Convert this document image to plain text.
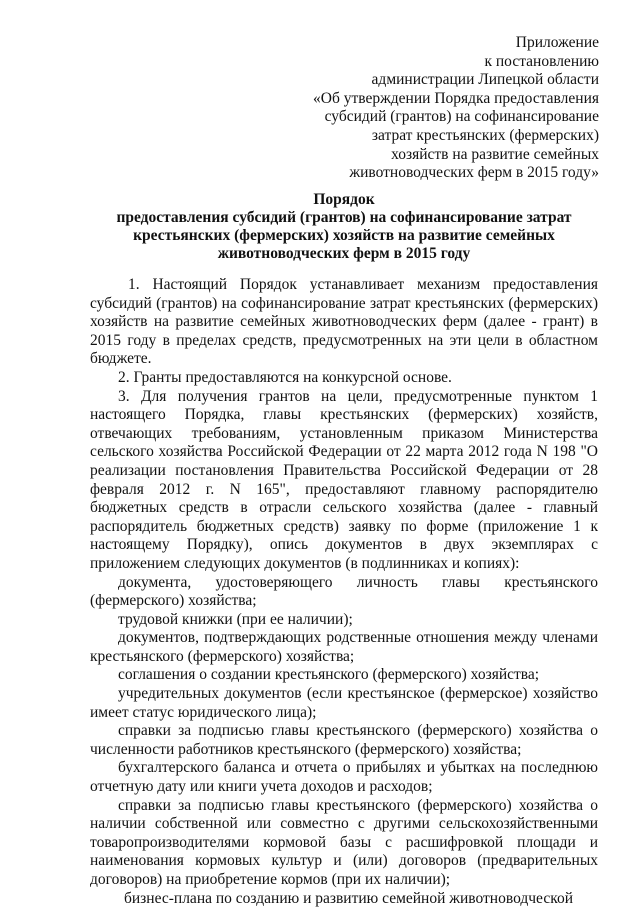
Приложение
к постановлению
администрации Липецкой области
«Об утверждении Порядка предоставления
субсидий (грантов) на софинансирование
затрат крестьянских (фермерских)
хозяйств на развитие семейных
животноводческих ферм в 2015 году»
Порядок
предоставления субсидий (грантов) на софинансирование затрат
крестьянских (фермерских) хозяйств на развитие семейных
животноводческих ферм в 2015 году

1. Настоящий Порядок устанавливает механизм предоставления субсидий (грантов) на софинансирование затрат крестьянских (фермерских) хозяйств на развитие семейных животноводческих ферм (далее - грант) в 2015 году в пределах средств, предусмотренных на эти цели в областном бюджете.

2. Гранты предоставляются на конкурсной основе.

3. Для получения грантов на цели, предусмотренные пунктом 1 настоящего Порядка, главы крестьянских (фермерских) хозяйств, отвечающих требованиям, установленным приказом Министерства сельского хозяйства Российской Федерации от 22 марта 2012 года N 198 "О реализации постановления Правительства Российской Федерации от 28 февраля 2012 г. N 165", предоставляют главному распорядителю бюджетных средств в отрасли сельского хозяйства (далее - главный распорядитель бюджетных средств) заявку по форме (приложение 1 к настоящему Порядку), опись документов в двух экземплярах с приложением следующих документов (в подлинниках и копиях):

документа, удостоверяющего личность главы крестьянского (фермерского) хозяйства;

трудовой книжки (при ее наличии);

документов, подтверждающих родственные отношения между членами крестьянского (фермерского) хозяйства;

соглашения о создании крестьянского (фермерского) хозяйства;

учредительных документов (если крестьянское (фермерское) хозяйство имеет статус юридического лица);

справки за подписью главы крестьянского (фермерского) хозяйства о численности работников крестьянского (фермерского) хозяйства;

бухгалтерского баланса и отчета о прибылях и убытках на последнюю отчетную дату или книги учета доходов и расходов;

справки за подписью главы крестьянского (фермерского) хозяйства о наличии собственной или совместно с другими сельскохозяйственными товаропроизводителями кормовой базы с расшифровкой площади и наименования кормовых культур и (или) договоров (предварительных договоров) на приобретение кормов (при их наличии);

бизнес-плана по созданию и развитию семейной животноводческой
